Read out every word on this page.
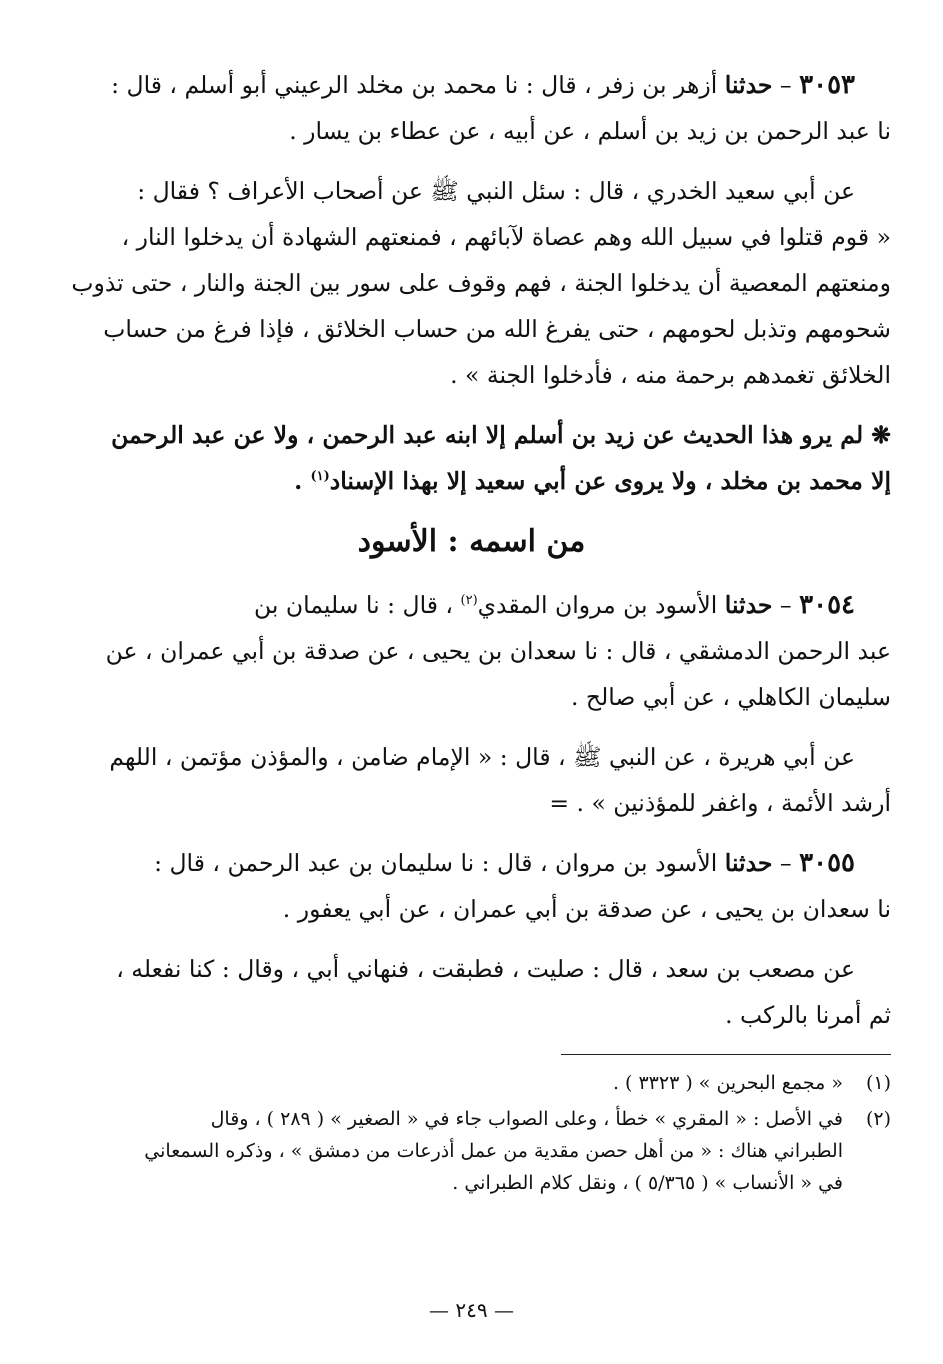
٣٠٥٣ – حدثنا أزهر بن زفر ، قال : نا محمد بن مخلد الرعيني أبو أسلم ، قال :
نا عبد الرحمن بن زيد بن أسلم ، عن أبيه ، عن عطاء بن يسار .
عن أبي سعيد الخدري ، قال : سئل النبي ﷺ عن أصحاب الأعراف ؟ فقال :
« قوم قتلوا في سبيل الله وهم عصاة لآبائهم ، فمنعتهم الشهادة أن يدخلوا النار ،
ومنعتهم المعصية أن يدخلوا الجنة ، فهم وقوف على سور بين الجنة والنار ، حتى تذوب
شحومهم وتذبل لحومهم ، حتى يفرغ الله من حساب الخلائق ، فإذا فرغ من حساب
الخلائق تغمدهم برحمة منه ، فأدخلوا الجنة » .
❋ لم يرو هذا الحديث عن زيد بن أسلم إلا ابنه عبد الرحمن ، ولا عن عبد الرحمن
إلا محمد بن مخلد ، ولا يروى عن أبي سعيد إلا بهذا الإسناد$^{(١)}$ .
من اسمه : الأسود
٣٠٥٤ – حدثنا الأسود بن مروان المقدي$^{(٢)}$ ، قال : نا سليمان بن
عبد الرحمن الدمشقي ، قال : نا سعدان بن يحيى ، عن صدقة بن أبي عمران ، عن
سليمان الكاهلي ، عن أبي صالح .
عن أبي هريرة ، عن النبي ﷺ ، قال : « الإمام ضامن ، والمؤذن مؤتمن ، اللهم
أرشد الأئمة ، واغفر للمؤذنين » . =
٣٠٥٥ – حدثنا الأسود بن مروان ، قال : نا سليمان بن عبد الرحمن ، قال :
نا سعدان بن يحيى ، عن صدقة بن أبي عمران ، عن أبي يعفور .
عن مصعب بن سعد ، قال : صليت ، فطبقت ، فنهاني أبي ، وقال : كنا نفعله ،
ثم أمرنا بالركب .
(١)
« مجمع البحرين » ( ٣٣٢٣ ) .
(٢)
في الأصل : « المقري » خطأ ، وعلى الصواب جاء في « الصغير » ( ٢٨٩ ) ، وقال
الطبراني هناك : « من أهل حصن مقدية من عمل أذرعات من دمشق » ، وذكره السمعاني
في « الأنساب » ( ٥/٣٦٥ ) ، ونقل كلام الطبراني .
— ٢٤٩ —
